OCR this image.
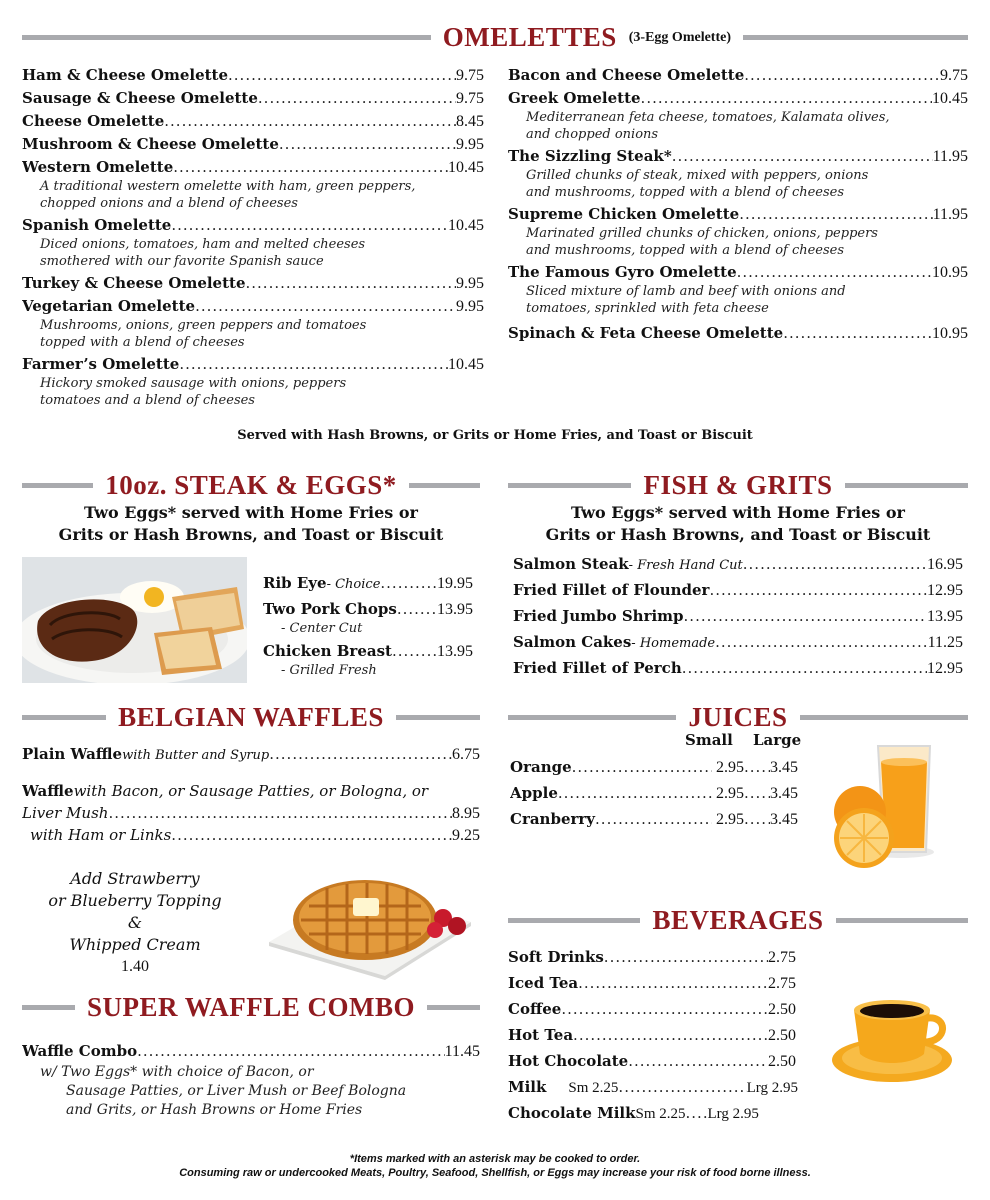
OMELETTES (3-Egg Omelette)
Ham & Cheese Omelette .....	9.75
Sausage & Cheese Omelette .....	9.75
Cheese Omelette .....	8.45
Mushroom & Cheese Omelette .....	9.95
Western Omelette .....	10.45
A traditional western omelette with ham, green peppers,
chopped onions and a blend of cheeses
Spanish Omelette .....	10.45
Diced onions, tomatoes, ham and melted cheeses
smothered with our favorite Spanish sauce
Turkey & Cheese Omelette .....	9.95
Vegetarian Omelette .....	9.95
Mushrooms, onions, green peppers and tomatoes
topped with a blend of cheeses
Farmer’s Omelette .....	10.45
Hickory smoked sausage with onions, peppers
tomatoes and a blend of cheeses
Bacon and Cheese Omelette .....	9.75
Greek Omelette .....	10.45
Mediterranean feta cheese, tomatoes, Kalamata olives,
and chopped onions
The Sizzling Steak* .....	11.95
Grilled chunks of steak, mixed with peppers, onions
and mushrooms, topped with a blend of cheeses
Supreme Chicken Omelette .....	11.95
Marinated grilled chunks of chicken, onions, peppers
and mushrooms, topped with a blend of cheeses
The Famous Gyro Omelette .....	10.95
Sliced mixture of lamb and beef with onions and
tomatoes, sprinkled with feta cheese
Spinach & Feta Cheese Omelette .....	10.95
Served with Hash Browns, or Grits or Home Fries, and Toast or Biscuit
10oz. STEAK & EGGS*
Two Eggs* served with Home Fries or
Grits or Hash Browns, and Toast or Biscuit
Rib Eye - Choice .....	19.95
Two Pork Chops .....	13.95
- Center Cut
Chicken Breast .....	13.95
- Grilled Fresh
FISH & GRITS
Two Eggs* served with Home Fries or
Grits or Hash Browns, and Toast or Biscuit
Salmon Steak - Fresh Hand Cut .....	16.95
Fried Fillet of Flounder .....	12.95
Fried Jumbo Shrimp .....	13.95
Salmon Cakes - Homemade .....	11.25
Fried Fillet of Perch .....	12.95
BELGIAN WAFFLES
Plain Waffle with Butter and Syrup .....	6.75
Waffle with Bacon, or Sausage Patties, or Bologna, or
Liver Mush .....	8.95
with Ham or Links .....	9.25
Add Strawberry
or Blueberry Topping
&
Whipped Cream
1.40
SUPER WAFFLE COMBO
Waffle Combo .....	11.45
w/ Two Eggs* with choice of Bacon, or
Sausage Patties, or Liver Mush or Beef Bologna
and Grits, or Hash Browns or Home Fries
JUICES
Small Large
Orange .....	2.95 ..... 3.45
Apple .....	2.95 ..... 3.45
Cranberry .....	2.95 ..... 3.45
BEVERAGES
Soft Drinks .....	2.75
Iced Tea .....	2.75
Coffee .....	2.50
Hot Tea .....	2.50
Hot Chocolate .....	2.50
Milk Sm 2.25 .....	Lrg 2.95
Chocolate Milk Sm 2.25 ..... Lrg 2.95
*Items marked with an asterisk may be cooked to order.
Consuming raw or undercooked Meats, Poultry, Seafood, Shellfish, or Eggs may increase your risk of food borne illness.
